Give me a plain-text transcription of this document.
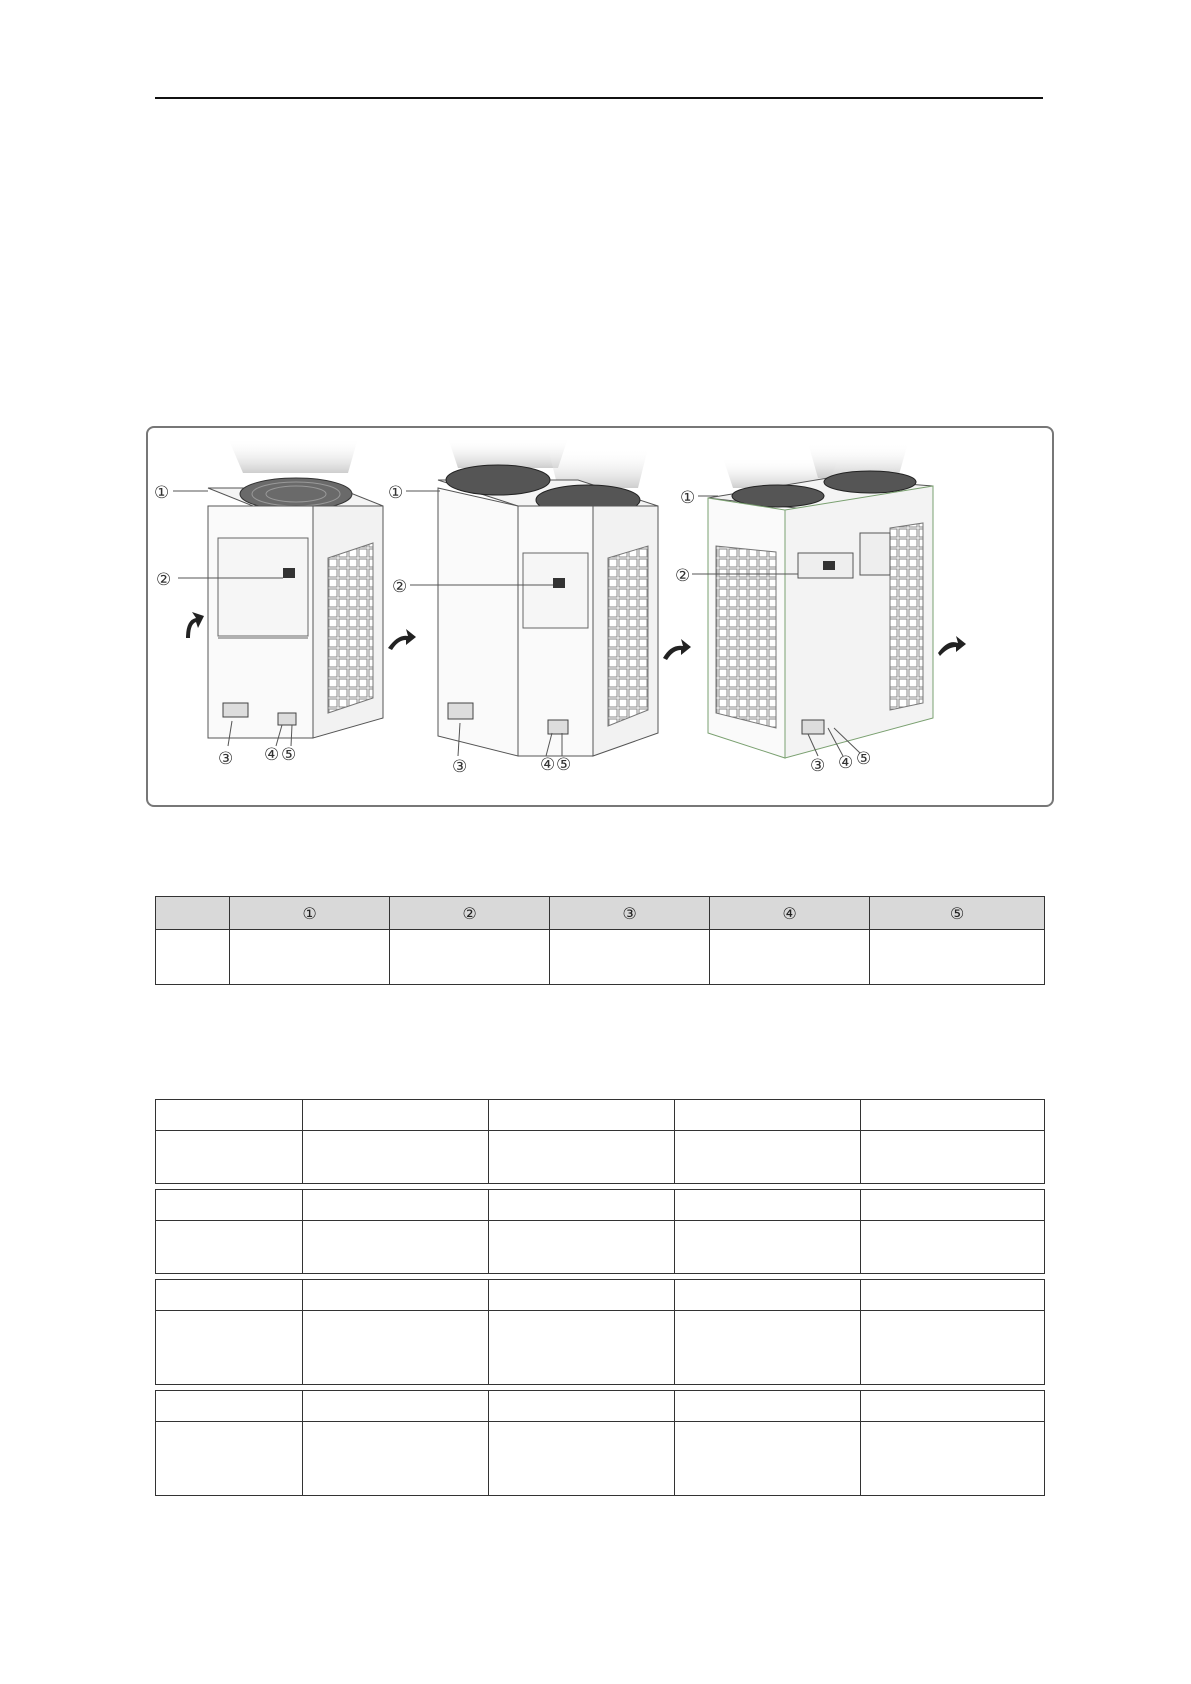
①
②
③ ④ ⑤
①
②
③	④ ⑤
①
②
③ ④ ⑤
	①	②	③	④	⑤
